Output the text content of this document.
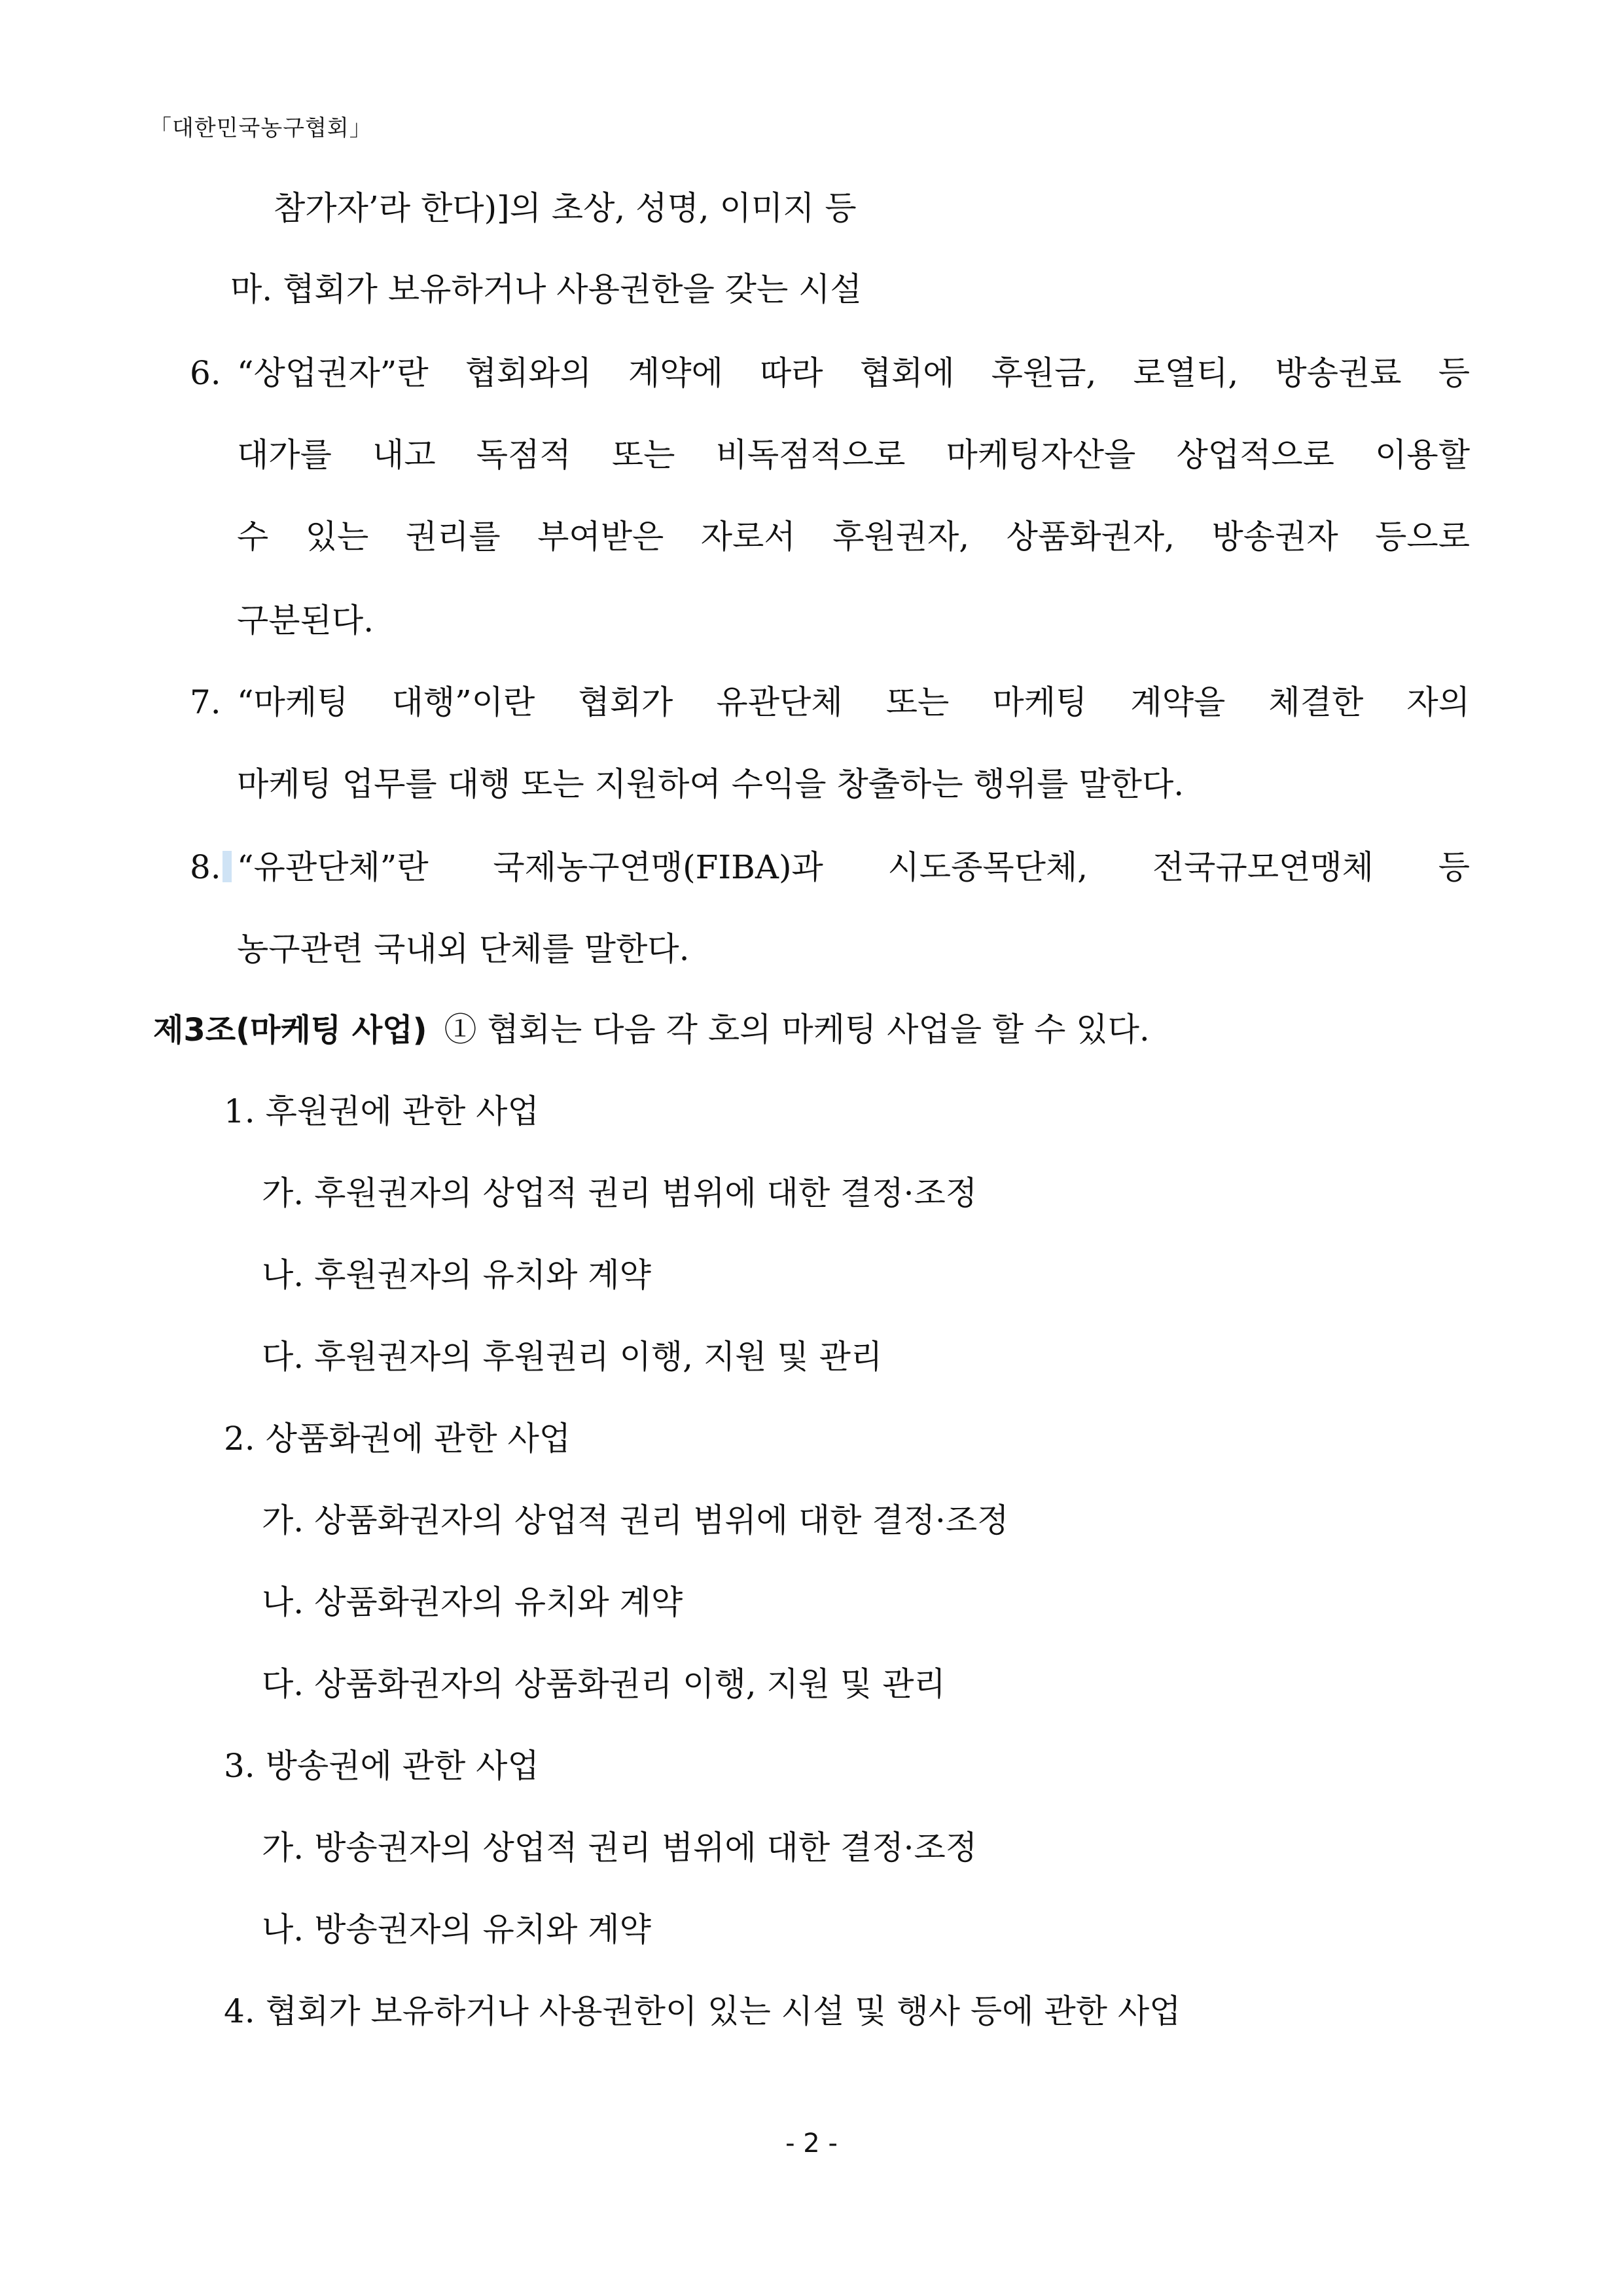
「대한민국농구협회」
참가자’라 한다)]의 초상, 성명, 이미지 등
마. 협회가 보유하거나 사용권한을 갖는 시설
6. “상업권자”란 협회와의 계약에 따라 협회에 후원금, 로열티, 방송권료 등
대가를 내고 독점적 또는 비독점적으로 마케팅자산을 상업적으로 이용할
수 있는 권리를 부여받은 자로서 후원권자, 상품화권자, 방송권자 등으로
구분된다.
7. “마케팅 대행”이란 협회가 유관단체 또는 마케팅 계약을 체결한 자의
마케팅 업무를 대행 또는 지원하여 수익을 창출하는 행위를 말한다.
8. “유관단체”란 국제농구연맹(FIBA)과 시도종목단체, 전국규모연맹체 등
농구관련 국내외 단체를 말한다.
제3조(마케팅 사업) ① 협회는 다음 각 호의 마케팅 사업을 할 수 있다.
1. 후원권에 관한 사업
가. 후원권자의 상업적 권리 범위에 대한 결정·조정
나. 후원권자의 유치와 계약
다. 후원권자의 후원권리 이행, 지원 및 관리
2. 상품화권에 관한 사업
가. 상품화권자의 상업적 권리 범위에 대한 결정·조정
나. 상품화권자의 유치와 계약
다. 상품화권자의 상품화권리 이행, 지원 및 관리
3. 방송권에 관한 사업
가. 방송권자의 상업적 권리 범위에 대한 결정·조정
나. 방송권자의 유치와 계약
4. 협회가 보유하거나 사용권한이 있는 시설 및 행사 등에 관한 사업
- 2 -
